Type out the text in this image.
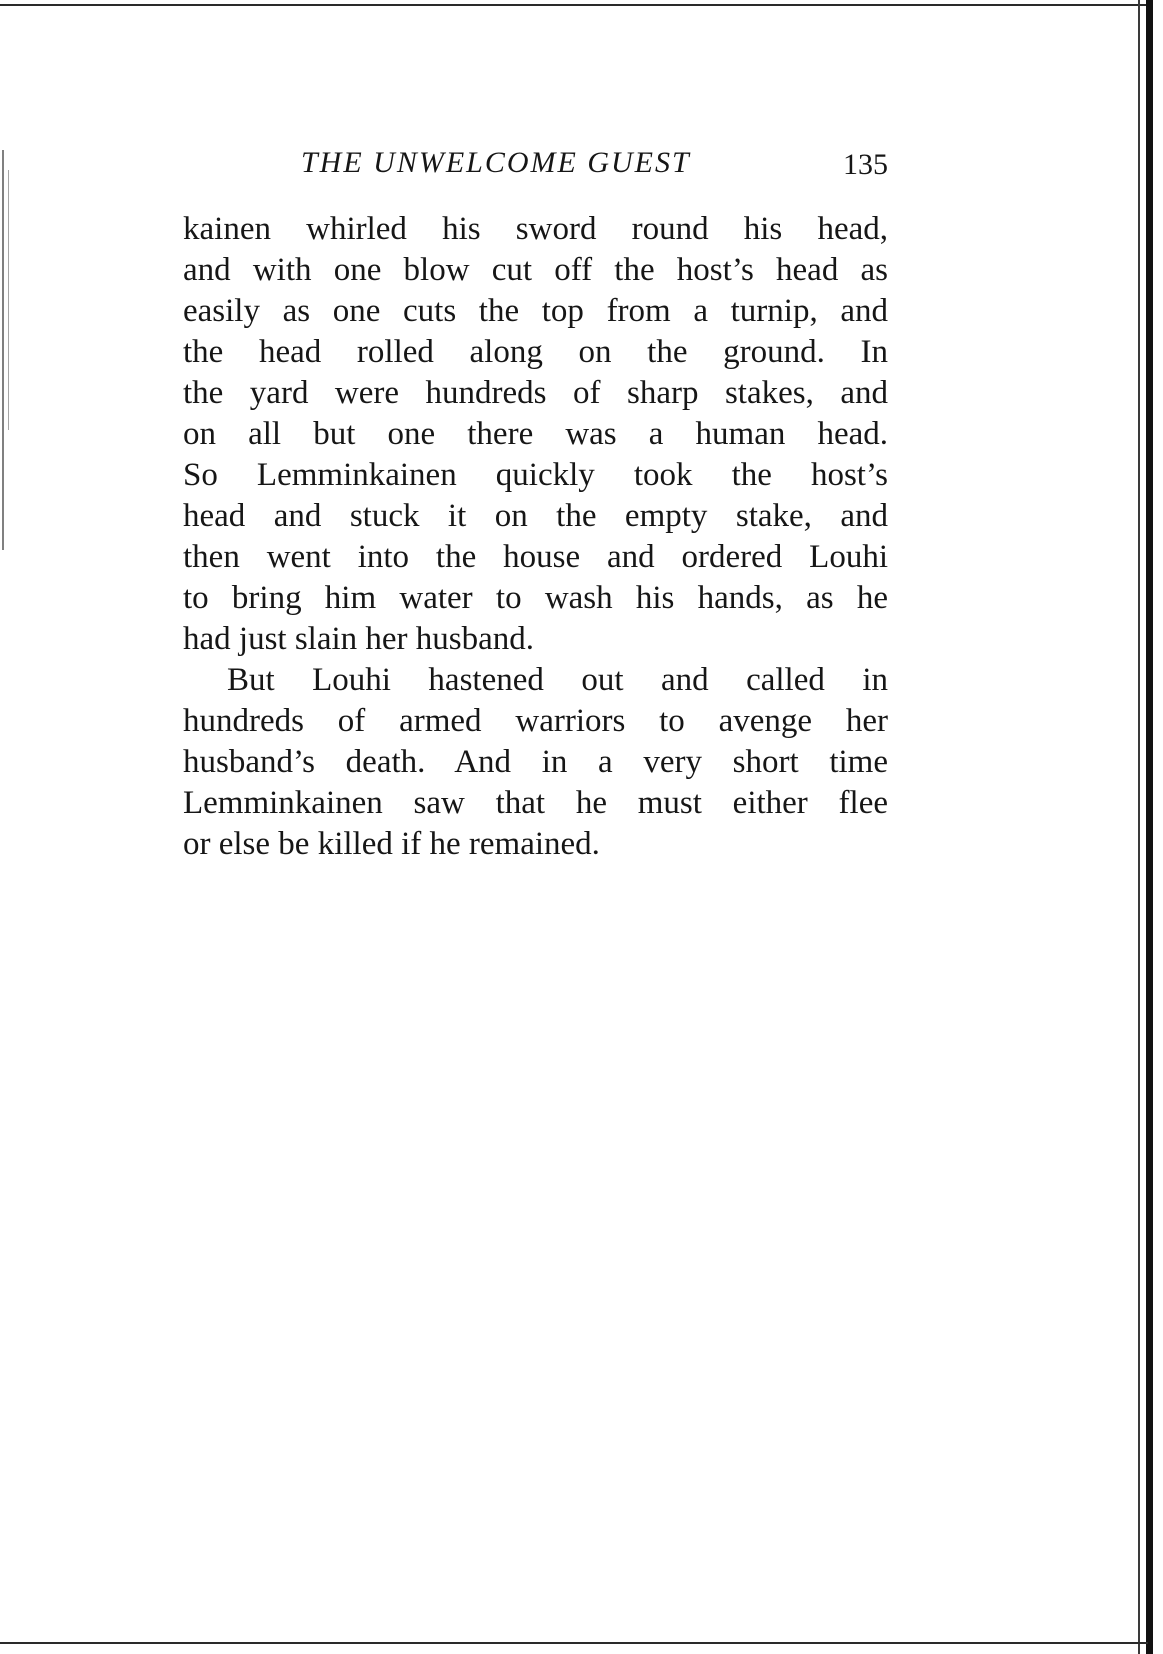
THE UNWELCOME GUEST	135
kainen whirled his sword round his head,
and with one blow cut off the host’s head as
easily as one cuts the top from a turnip, and
the head rolled along on the ground. In
the yard were hundreds of sharp stakes, and
on all but one there was a human head.
So Lemminkainen quickly took the host’s
head and stuck it on the empty stake, and
then went into the house and ordered Louhi
to bring him water to wash his hands, as he
had just slain her husband.
But Louhi hastened out and called in
hundreds of armed warriors to avenge her
husband’s death. And in a very short time
Lemminkainen saw that he must either flee
or else be killed if he remained.
